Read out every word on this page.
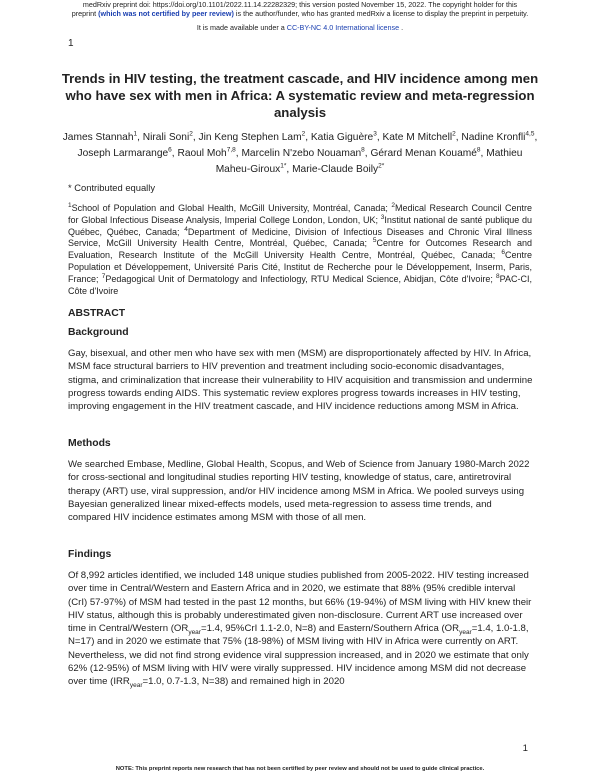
medRxiv preprint doi: https://doi.org/10.1101/2022.11.14.22282329; this version posted November 15, 2022. The copyright holder for this
preprint (which was not certified by peer review) is the author/funder, who has granted medRxiv a license to display the preprint in perpetuity.
It is made available under a CC-BY-NC 4.0 International license .
1
Trends in HIV testing, the treatment cascade, and HIV incidence among men who have sex with men in Africa: A systematic review and meta-regression analysis
James Stannah$^1$, Nirali Soni$^2$, Jin Keng Stephen Lam$^2$, Katia Giguère$^3$, Kate M Mitchell$^2$, Nadine Kronfli$^{4,5}$, Joseph Larmarange$^6$, Raoul Moh$^{7,8}$, Marcelin N'zebo Nouaman$^8$, Gérard Menan Kouamé$^8$, Mathieu Maheu-Giroux$^{1*}$, Marie-Claude Boily$^{2*}$
* Contributed equally
$^1$School of Population and Global Health, McGill University, Montréal, Canada; $^2$Medical Research Council Centre for Global Infectious Disease Analysis, Imperial College London, London, UK; $^3$Institut national de santé publique du Québec, Québec, Canada; $^4$Department of Medicine, Division of Infectious Diseases and Chronic Viral Illness Service, McGill University Health Centre, Montréal, Québec, Canada; $^5$Centre for Outcomes Research and Evaluation, Research Institute of the McGill University Health Centre, Montréal, Québec, Canada; $^6$Centre Population et Développement, Université Paris Cité, Institut de Recherche pour le Développement, Inserm, Paris, France; $^7$Pedagogical Unit of Dermatology and Infectiology, RTU Medical Science, Abidjan, Côte d'Ivoire; $^8$PAC-CI, Côte d'Ivoire
ABSTRACT
Background
Gay, bisexual, and other men who have sex with men (MSM) are disproportionately affected by HIV. In Africa, MSM face structural barriers to HIV prevention and treatment including socio-economic disadvantages, stigma, and criminalization that increase their vulnerability to HIV acquisition and transmission and undermine progress towards ending AIDS. This systematic review explores progress towards increases in HIV testing, improving engagement in the HIV treatment cascade, and HIV incidence reductions among MSM in Africa.
Methods
We searched Embase, Medline, Global Health, Scopus, and Web of Science from January 1980-March 2022 for cross-sectional and longitudinal studies reporting HIV testing, knowledge of status, care, antiretroviral therapy (ART) use, viral suppression, and/or HIV incidence among MSM in Africa. We pooled surveys using Bayesian generalized linear mixed-effects models, used meta-regression to assess time trends, and compared HIV incidence estimates among MSM with those of all men.
Findings
Of 8,992 articles identified, we included 148 unique studies published from 2005-2022. HIV testing increased over time in Central/Western and Eastern Africa and in 2020, we estimate that 88% (95% credible interval (CrI) 57-97%) of MSM had tested in the past 12 months, but 66% (19-94%) of MSM living with HIV knew their HIV status, although this is probably underestimated given non-disclosure. Current ART use increased over time in Central/Western ($OR_{year}=1.4$, 95%CrI 1.1-2.0, N=8) and Eastern/Southern Africa ($OR_{year}=1.4$, 1.0-1.8, N=17) and in 2020 we estimate that 75% (18-98%) of MSM living with HIV in Africa were currently on ART. Nevertheless, we did not find strong evidence viral suppression increased, and in 2020 we estimate that only 62% (12-95%) of MSM living with HIV were virally suppressed. HIV incidence among MSM did not decrease over time ($IRR_{year}=1.0$, 0.7-1.3, N=38) and remained high in 2020
1
NOTE: This preprint reports new research that has not been certified by peer review and should not be used to guide clinical practice.
